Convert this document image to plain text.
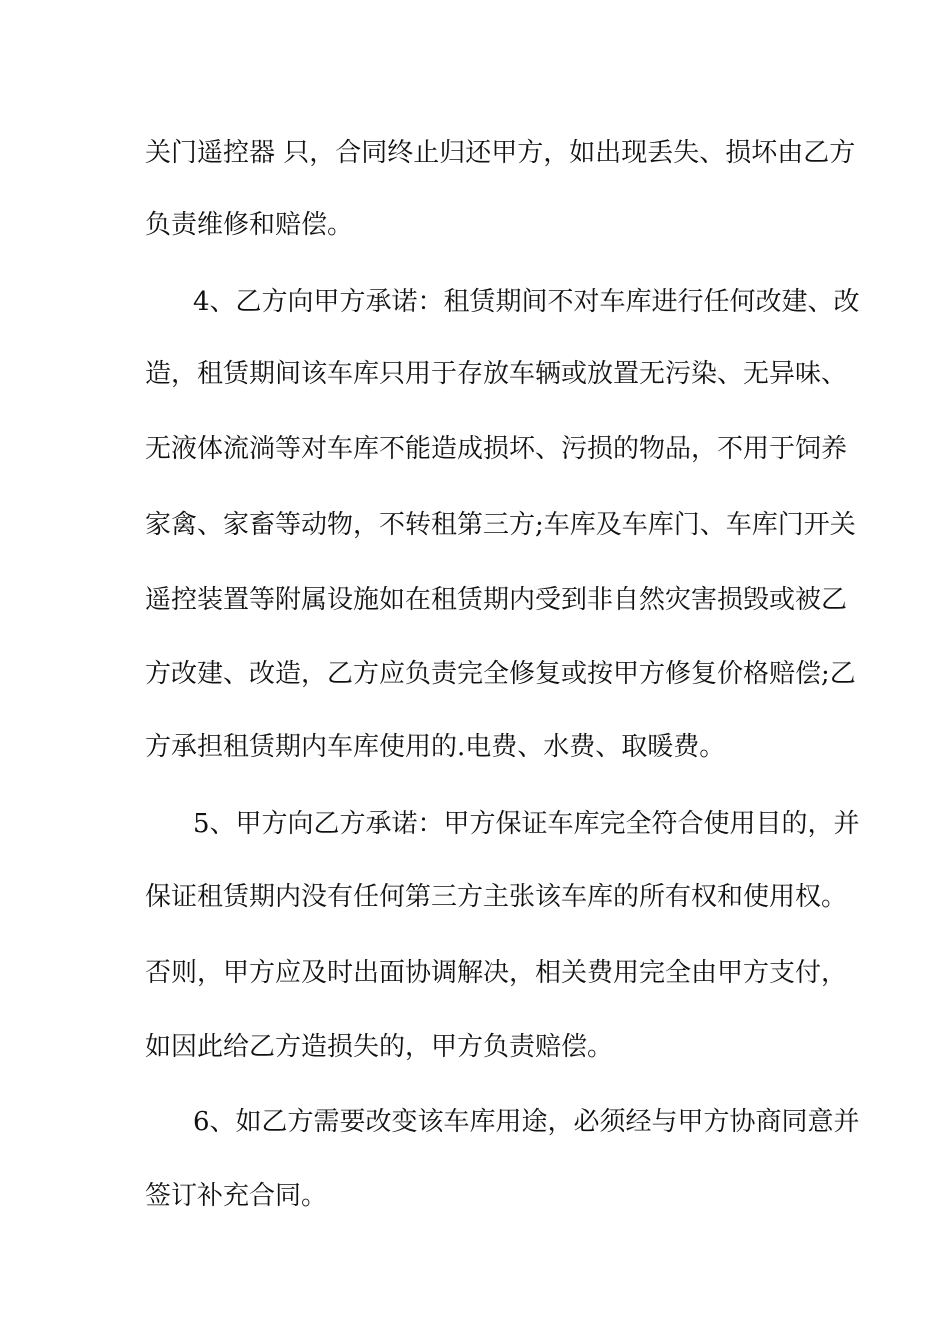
关门遥控器 只，合同终止归还甲方，如出现丢失、损坏由乙方

负责维修和赔偿。

4、乙方向甲方承诺：租赁期间不对车库进行任何改建、改

造，租赁期间该车库只用于存放车辆或放置无污染、无异味、

无液体流淌等对车库不能造成损坏、污损的物品，不用于饲养

家禽、家畜等动物，不转租第三方;车库及车库门、车库门开关

遥控装置等附属设施如在租赁期内受到非自然灾害损毁或被乙

方改建、改造，乙方应负责完全修复或按甲方修复价格赔偿;乙

方承担租赁期内车库使用的.电费、水费、取暖费。

5、甲方向乙方承诺：甲方保证车库完全符合使用目的，并

保证租赁期内没有任何第三方主张该车库的所有权和使用权。

否则，甲方应及时出面协调解决，相关费用完全由甲方支付，

如因此给乙方造损失的，甲方负责赔偿。

6、如乙方需要改变该车库用途，必须经与甲方协商同意并

签订补充合同。
